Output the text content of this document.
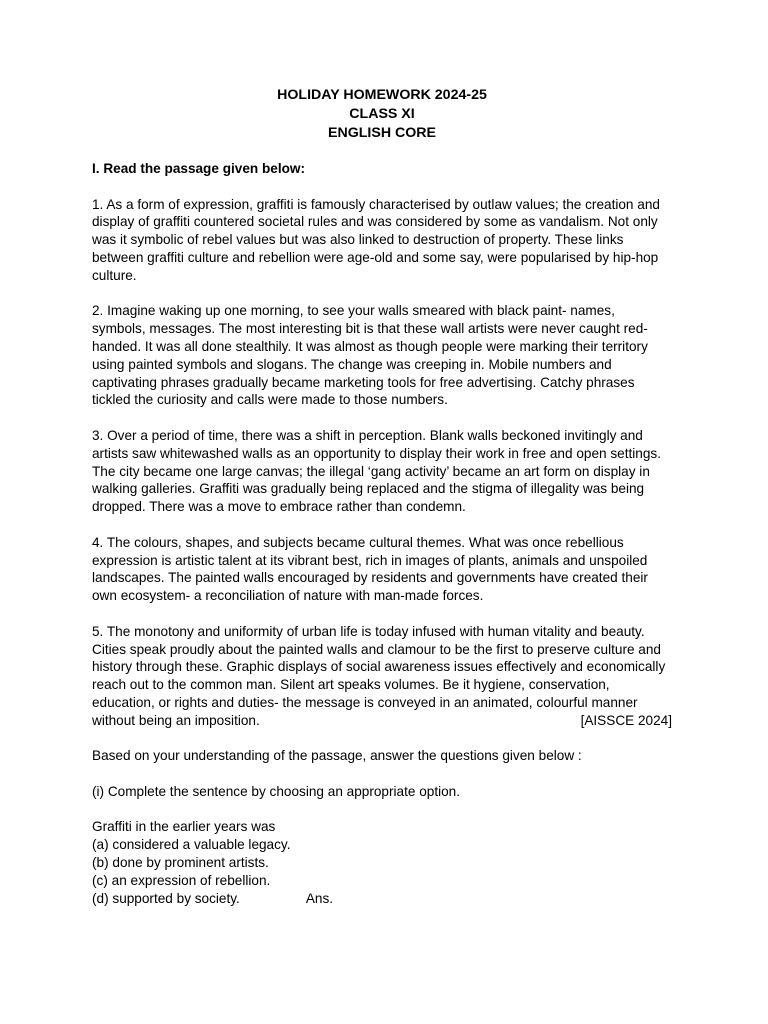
HOLIDAY HOMEWORK 2024-25
CLASS XI
ENGLISH CORE
I. Read the passage given below:
1. As a form of expression, graffiti is famously characterised by outlaw values; the creation and display of graffiti countered societal rules and was considered by some as vandalism. Not only was it symbolic of rebel values but was also linked to destruction of property. These links between graffiti culture and rebellion were age-old and some say, were popularised by hip-hop culture.
2. Imagine waking up one morning, to see your walls smeared with black paint- names, symbols, messages. The most interesting bit is that these wall artists were never caught red-handed. It was all done stealthily. It was almost as though people were marking their territory using painted symbols and slogans. The change was creeping in. Mobile numbers and captivating phrases gradually became marketing tools for free advertising. Catchy phrases tickled the curiosity and calls were made to those numbers.
3. Over a period of time, there was a shift in perception. Blank walls beckoned invitingly and artists saw whitewashed walls as an opportunity to display their work in free and open settings. The city became one large canvas; the illegal ‘gang activity’ became an art form on display in walking galleries. Graffiti was gradually being replaced and the stigma of illegality was being dropped. There was a move to embrace rather than condemn.
4. The colours, shapes, and subjects became cultural themes. What was once rebellious expression is artistic talent at its vibrant best, rich in images of plants, animals and unspoiled landscapes. The painted walls encouraged by residents and governments have created their own ecosystem- a reconciliation of nature with man-made forces.
5. The monotony and uniformity of urban life is today infused with human vitality and beauty. Cities speak proudly about the painted walls and clamour to be the first to preserve culture and history through these. Graphic displays of social awareness issues effectively and economically reach out to the common man. Silent art speaks volumes. Be it hygiene, conservation, education, or rights and duties- the message is conveyed in an animated, colourful manner without being an imposition.	[AISSCE 2024]
Based on your understanding of the passage, answer the questions given below :
(i) Complete the sentence by choosing an appropriate option.
Graffiti in the earlier years was
(a) considered a valuable legacy.
(b) done by prominent artists.
(c) an expression of rebellion.
(d) supported by society.	Ans.
